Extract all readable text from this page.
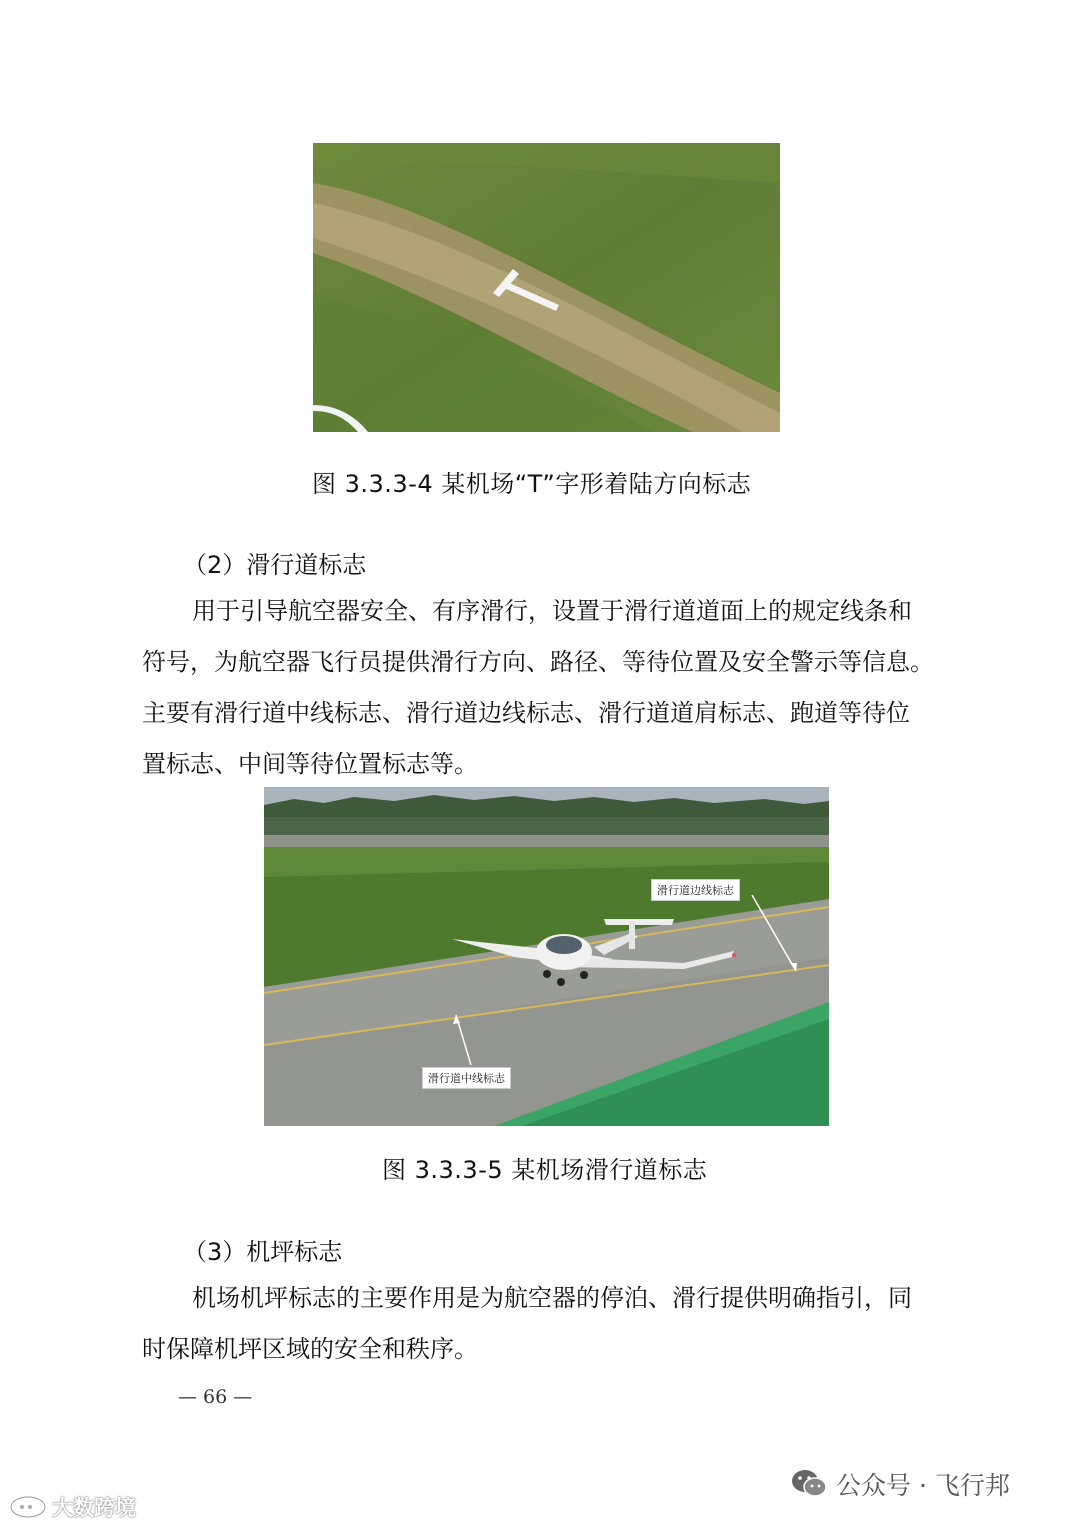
图 3.3.3-4 某机场“T”字形着陆方向标志
（2）滑行道标志
用于引导航空器安全、有序滑行，设置于滑行道道面上的规定线条和
符号，为航空器飞行员提供滑行方向、路径、等待位置及安全警示等信息。
主要有滑行道中线标志、滑行道边线标志、滑行道道肩标志、跑道等待位
置标志、中间等待位置标志等。
滑行道边线标志
滑行道中线标志
图 3.3.3-5 某机场滑行道标志
（3）机坪标志
机场机坪标志的主要作用是为航空器的停泊、滑行提供明确指引，同
时保障机坪区域的安全和秩序。
— 66 —
公众号 · 飞行邦
大数跨境
